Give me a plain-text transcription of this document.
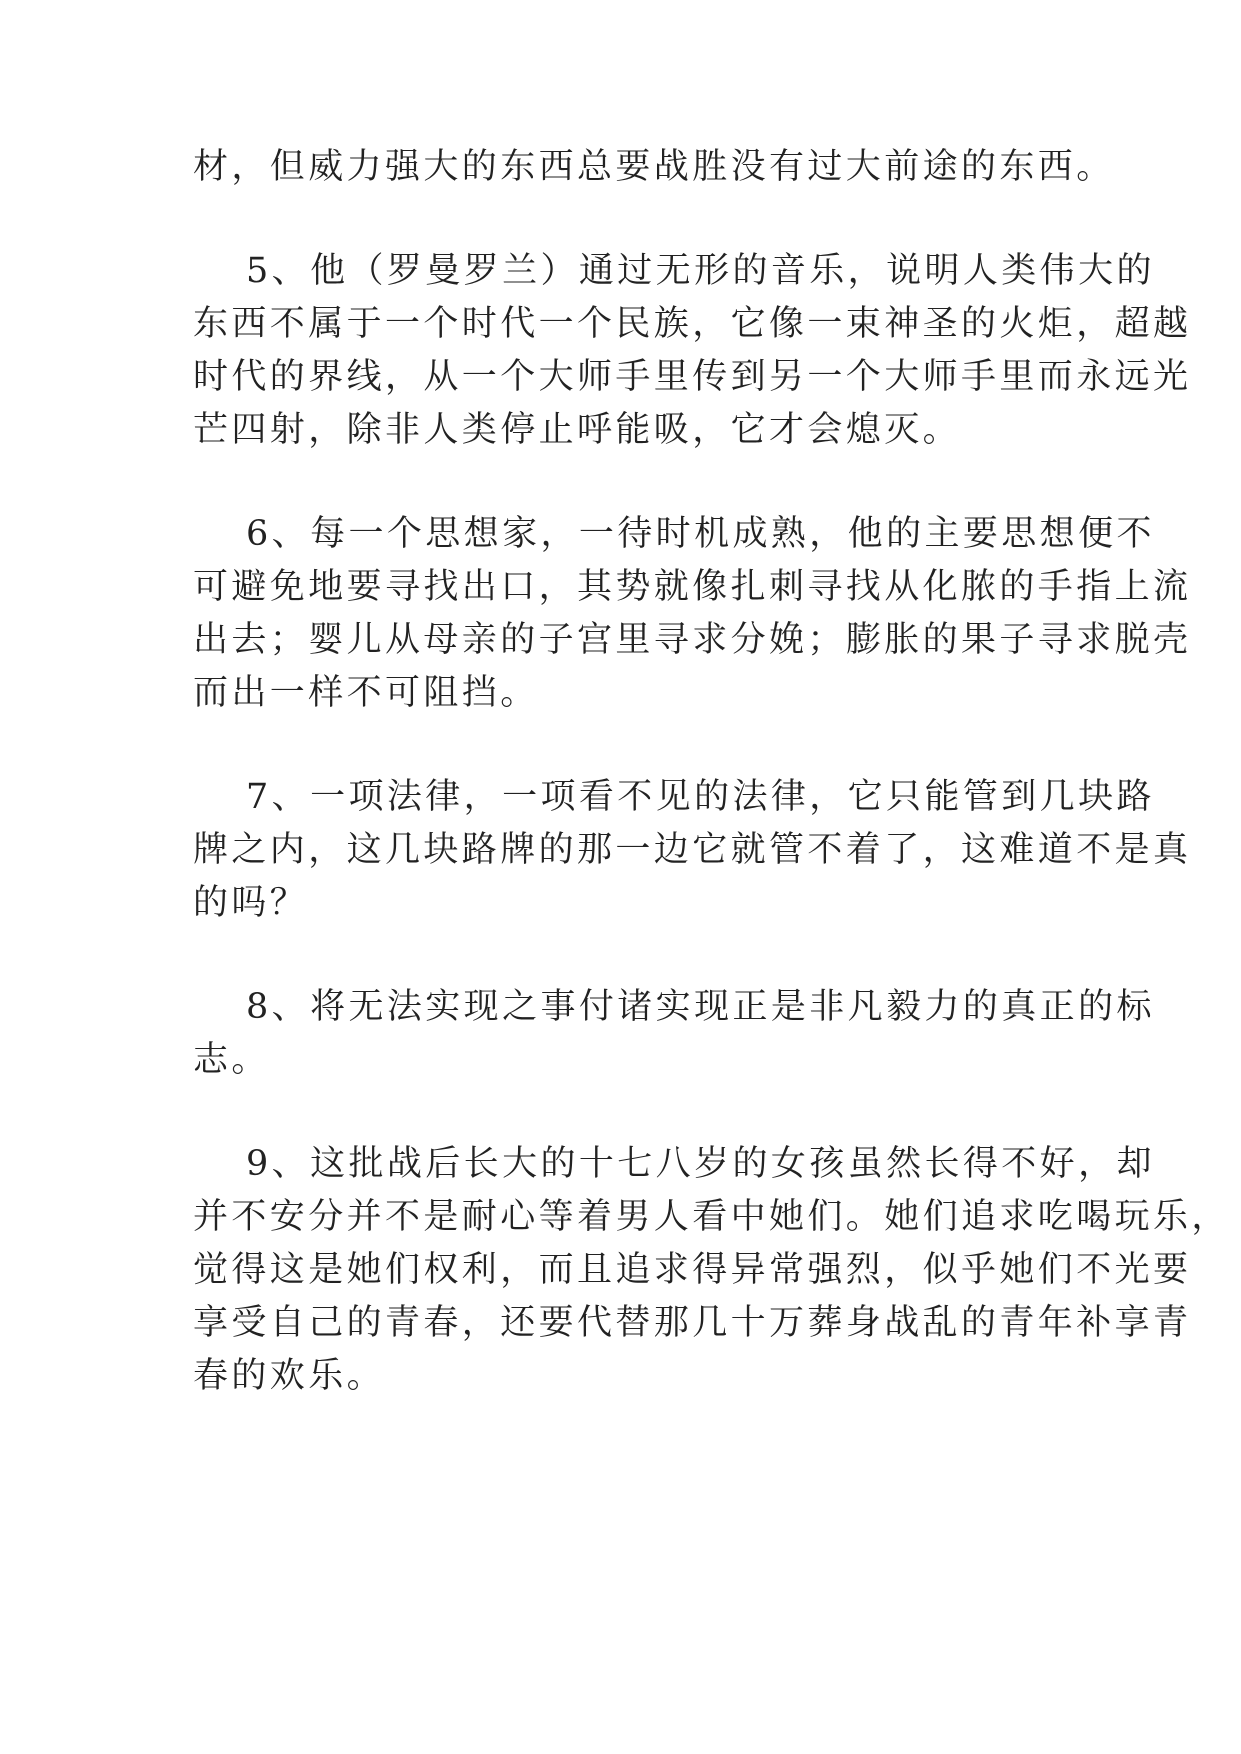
材，但威力强大的东西总要战胜没有过大前途的东西。

5、他（罗曼罗兰）通过无形的音乐，说明人类伟大的

东西不属于一个时代一个民族，它像一束神圣的火炬，超越

时代的界线，从一个大师手里传到另一个大师手里而永远光

芒四射，除非人类停止呼能吸，它才会熄灭。

6、每一个思想家，一待时机成熟，他的主要思想便不

可避免地要寻找出口，其势就像扎刺寻找从化脓的手指上流

出去；婴儿从母亲的子宫里寻求分娩；膨胀的果子寻求脱壳

而出一样不可阻挡。

7、一项法律，一项看不见的法律，它只能管到几块路

牌之内，这几块路牌的那一边它就管不着了，这难道不是真

的吗？

8、将无法实现之事付诸实现正是非凡毅力的真正的标

志。

9、这批战后长大的十七八岁的女孩虽然长得不好，却

并不安分并不是耐心等着男人看中她们。她们追求吃喝玩乐，

觉得这是她们权利，而且追求得异常强烈，似乎她们不光要

享受自己的青春，还要代替那几十万葬身战乱的青年补享青

春的欢乐。
